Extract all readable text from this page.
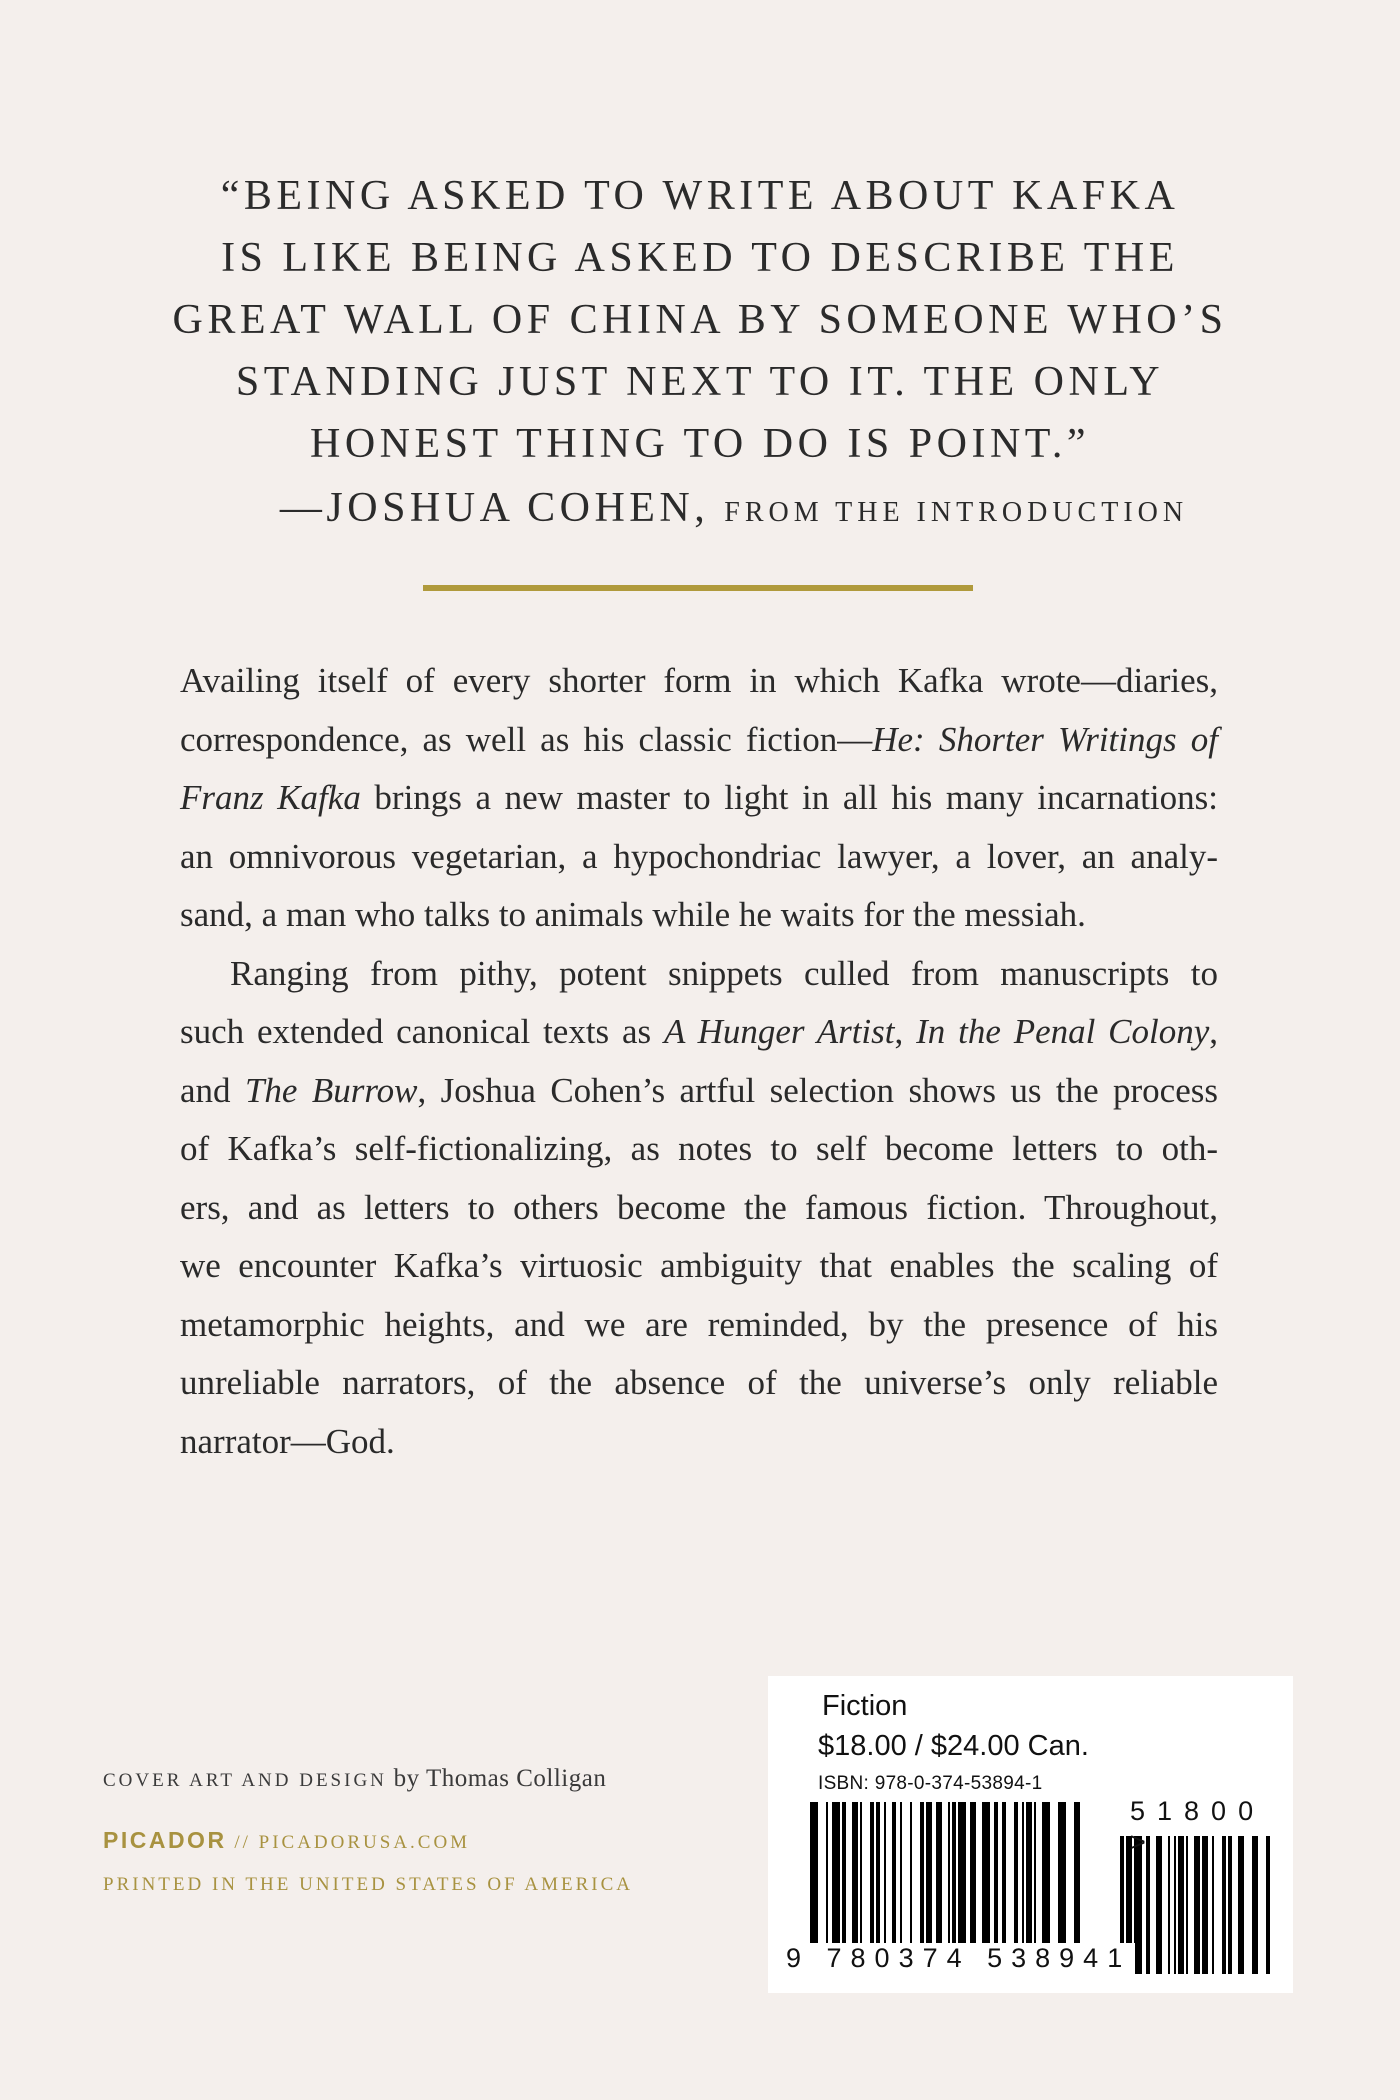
“BEING ASKED TO WRITE ABOUT KAFKA
IS LIKE BEING ASKED TO DESCRIBE THE
GREAT WALL OF CHINA BY SOMEONE WHO’S
STANDING JUST NEXT TO IT. THE ONLY
HONEST THING TO DO IS POINT.”
—JOSHUA COHEN, FROM THE INTRODUCTION
Availing itself of every shorter form in which Kafka wrote—diaries,
correspondence, as well as his classic fiction—He: Shorter Writings of
Franz Kafka brings a new master to light in all his many incarnations:
an omnivorous vegetarian, a hypochondriac lawyer, a lover, an analy-
sand, a man who talks to animals while he waits for the messiah.
Ranging from pithy, potent snippets culled from manuscripts to
such extended canonical texts as A Hunger Artist, In the Penal Colony,
and The Burrow, Joshua Cohen’s artful selection shows us the process
of Kafka’s self-fictionalizing, as notes to self become letters to oth-
ers, and as letters to others become the famous fiction. Throughout,
we encounter Kafka’s virtuosic ambiguity that enables the scaling of
metamorphic heights, and we are reminded, by the presence of his
unreliable narrators, of the absence of the universe’s only reliable
narrator—God.
COVER ART AND DESIGN by Thomas Colligan
PICADOR // PICADORUSA.COM
PRINTED IN THE UNITED STATES OF AMERICA
Fiction
$18.00 / $24.00 Can.
ISBN: 978-0-374-53894-1
51800 >
9 780374 538941
